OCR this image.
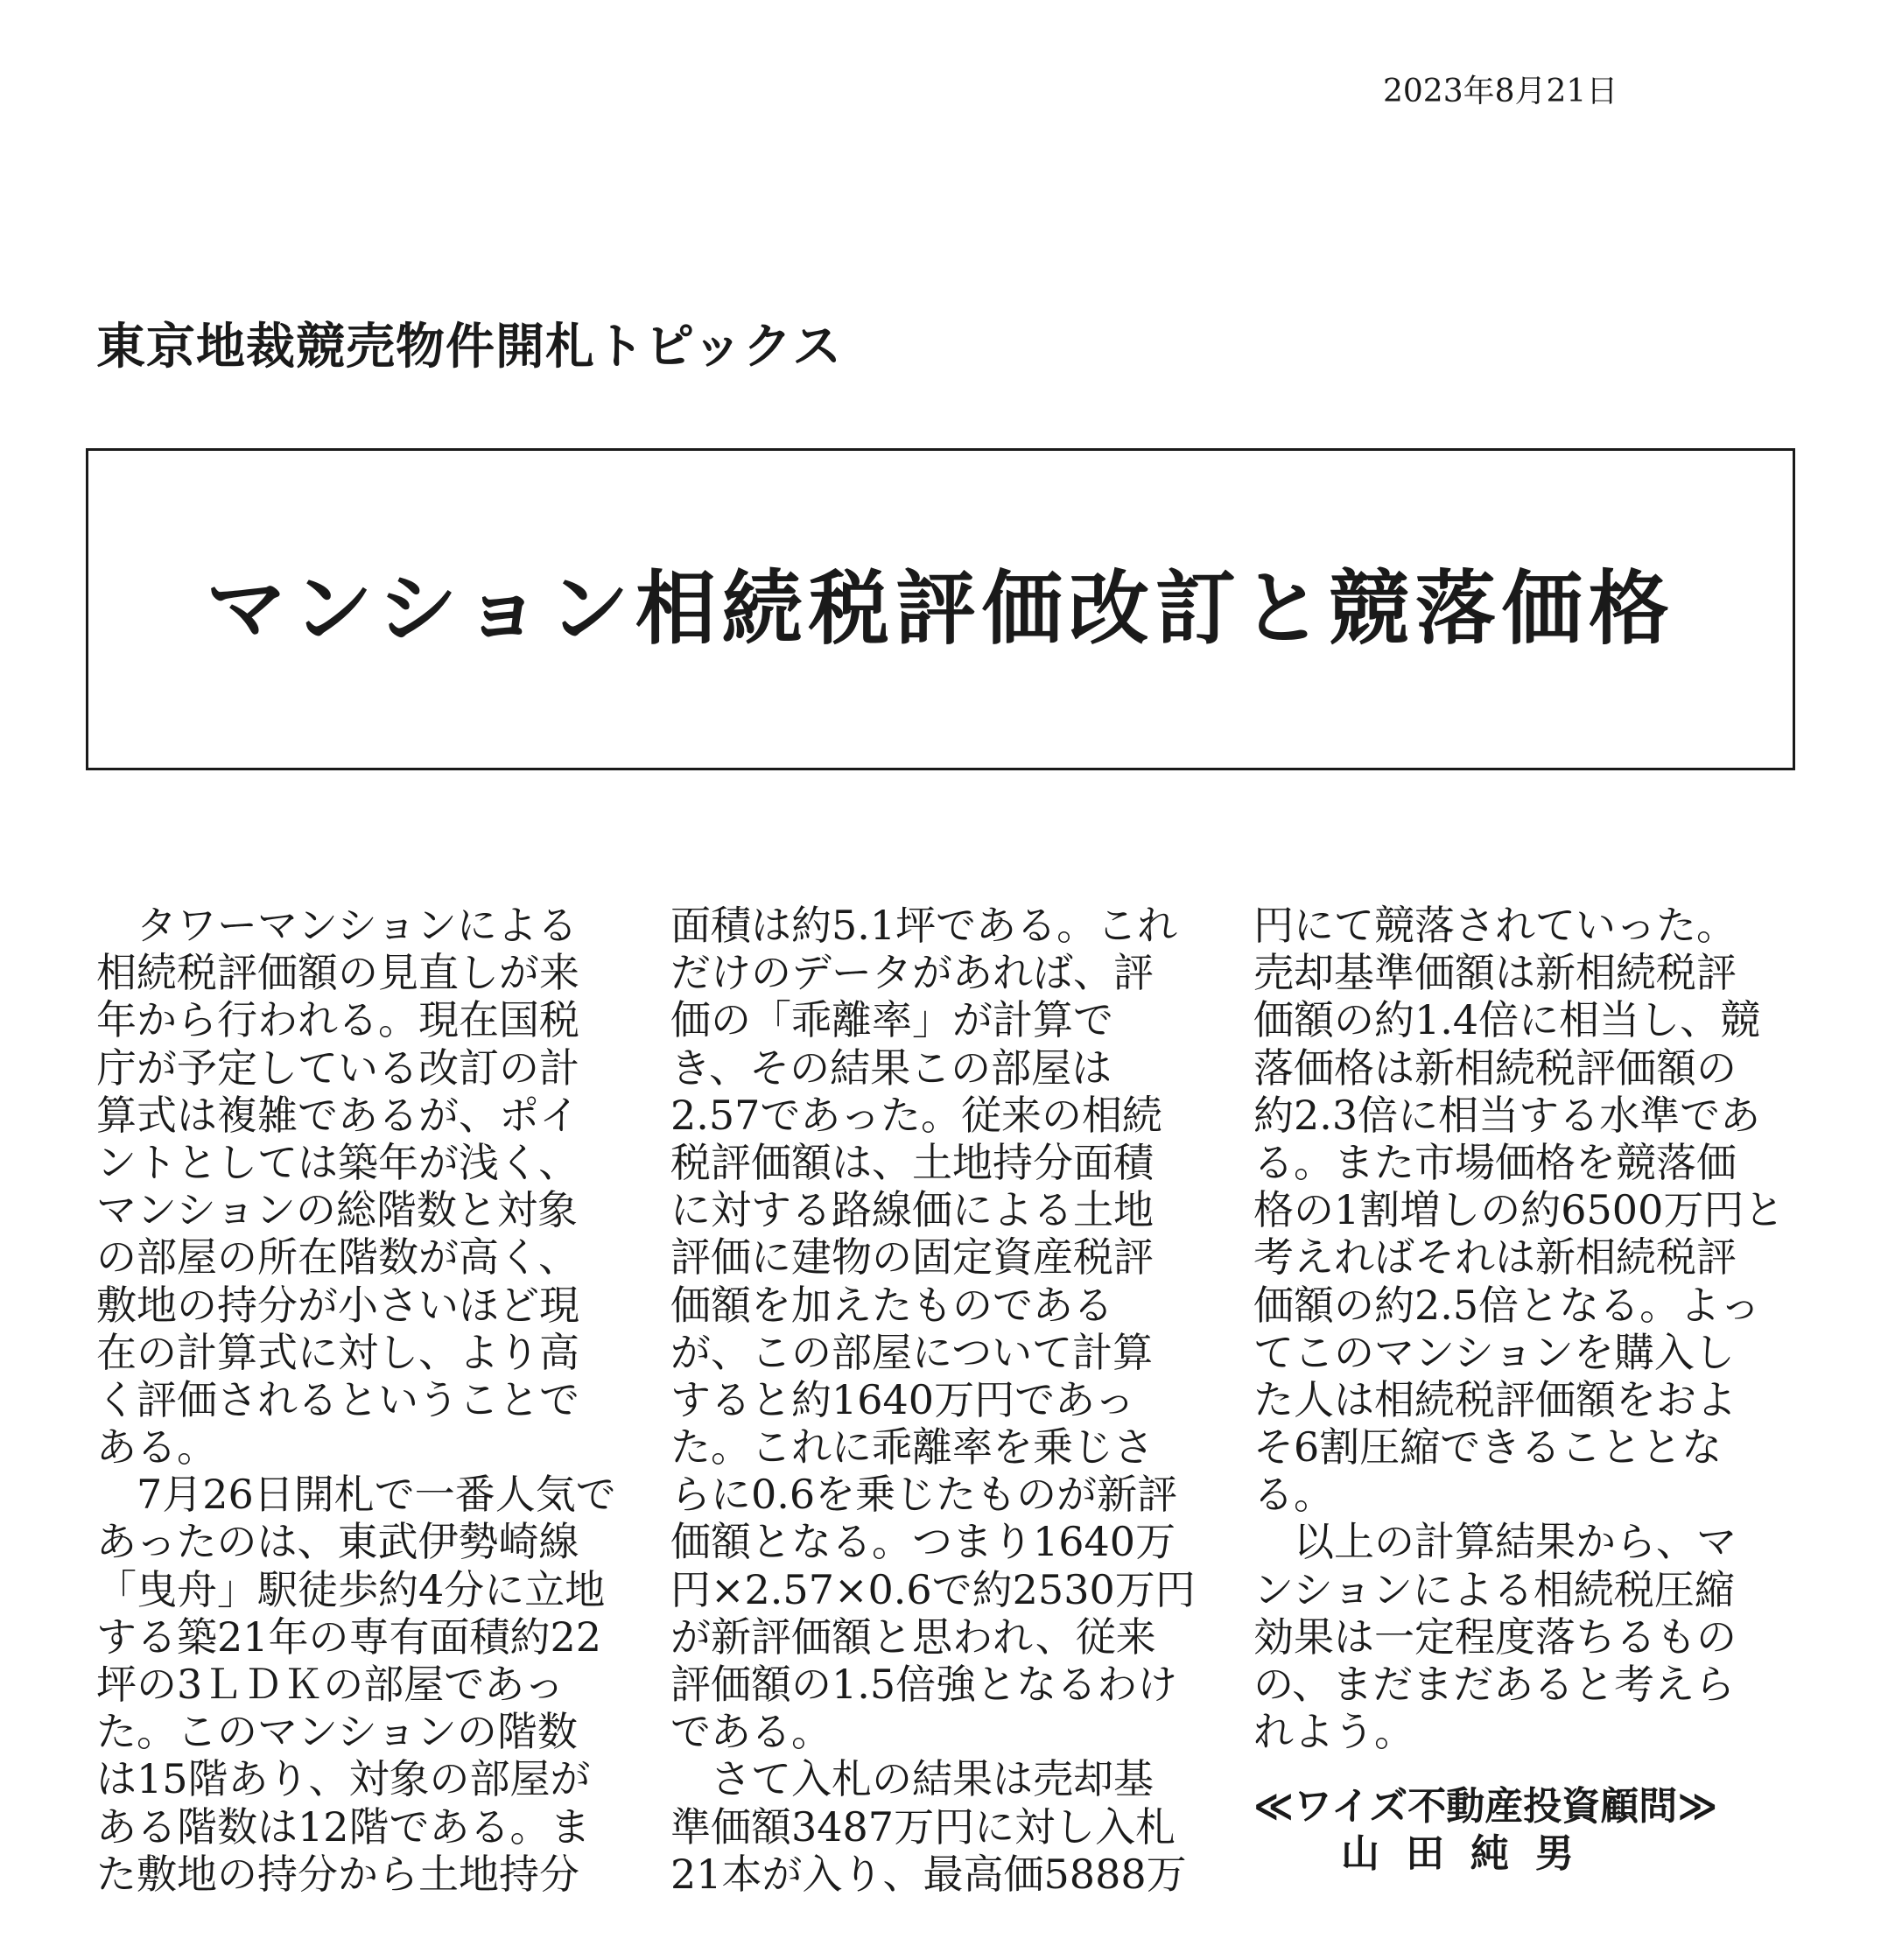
2023年8月21日
東京地裁競売物件開札トピックス
マンション相続税評価改訂と競落価格
　タワーマンションによる
相続税評価額の見直しが来
年から行われる。現在国税
庁が予定している改訂の計
算式は複雑であるが、ポイ
ントとしては築年が浅く、
マンションの総階数と対象
の部屋の所在階数が高く、
敷地の持分が小さいほど現
在の計算式に対し、より高
く評価されるということで
ある。
　7月26日開札で一番人気で
あったのは、東武伊勢崎線
「曳舟」駅徒歩約4分に立地
する築21年の専有面積約22
坪の3ＬＤＫの部屋であっ
た。このマンションの階数
は15階あり、対象の部屋が
ある階数は12階である。ま
た敷地の持分から土地持分
面積は約5.1坪である。これ
だけのデータがあれば、評
価の「乖離率」が計算で
き、その結果この部屋は
2.57であった。従来の相続
税評価額は、土地持分面積
に対する路線価による土地
評価に建物の固定資産税評
価額を加えたものである
が、この部屋について計算
すると約1640万円であっ
た。これに乖離率を乗じさ
らに0.6を乗じたものが新評
価額となる。つまり1640万
円×2.57×0.6で約2530万円
が新評価額と思われ、従来
評価額の1.5倍強となるわけ
である。
　さて入札の結果は売却基
準価額3487万円に対し入札
21本が入り、最高価5888万
円にて競落されていった。
売却基準価額は新相続税評
価額の約1.4倍に相当し、競
落価格は新相続税評価額の
約2.3倍に相当する水準であ
る。また市場価格を競落価
格の1割増しの約6500万円と
考えればそれは新相続税評
価額の約2.5倍となる。よっ
てこのマンションを購入し
た人は相続税評価額をおよ
そ6割圧縮できることとな
る。
　以上の計算結果から、マ
ンションによる相続税圧縮
効果は一定程度落ちるもの
の、まだまだあると考えら
れよう。
≪ワイズ不動産投資顧問≫
山田純男
